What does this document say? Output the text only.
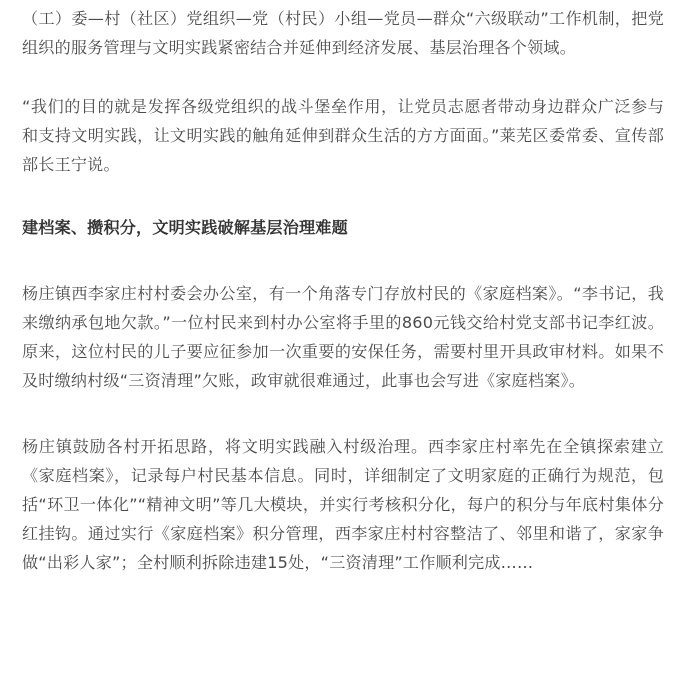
（工）委—村（社区）党组织—党（村民）小组—党员—群众“六级联动”工作机制，把党组织的服务管理与文明实践紧密结合并延伸到经济发展、基层治理各个领域。

“我们的目的就是发挥各级党组织的战斗堡垒作用，让党员志愿者带动身边群众广泛参与和支持文明实践，让文明实践的触角延伸到群众生活的方方面面。”莱芜区委常委、宣传部部长王宁说。

建档案、攒积分，文明实践破解基层治理难题

杨庄镇西李家庄村村委会办公室，有一个角落专门存放村民的《家庭档案》。“李书记，我来缴纳承包地欠款。”一位村民来到村办公室将手里的860元钱交给村党支部书记李红波。原来，这位村民的儿子要应征参加一次重要的安保任务，需要村里开具政审材料。如果不及时缴纳村级“三资清理”欠账，政审就很难通过，此事也会写进《家庭档案》。

杨庄镇鼓励各村开拓思路，将文明实践融入村级治理。西李家庄村率先在全镇探索建立《家庭档案》，记录每户村民基本信息。同时，详细制定了文明家庭的正确行为规范，包括“环卫一体化”“精神文明”等几大模块，并实行考核积分化，每户的积分与年底村集体分红挂钩。通过实行《家庭档案》积分管理，西李家庄村村容整洁了、邻里和谐了，家家争做“出彩人家”；全村顺利拆除违建15处，“三资清理”工作顺利完成……
